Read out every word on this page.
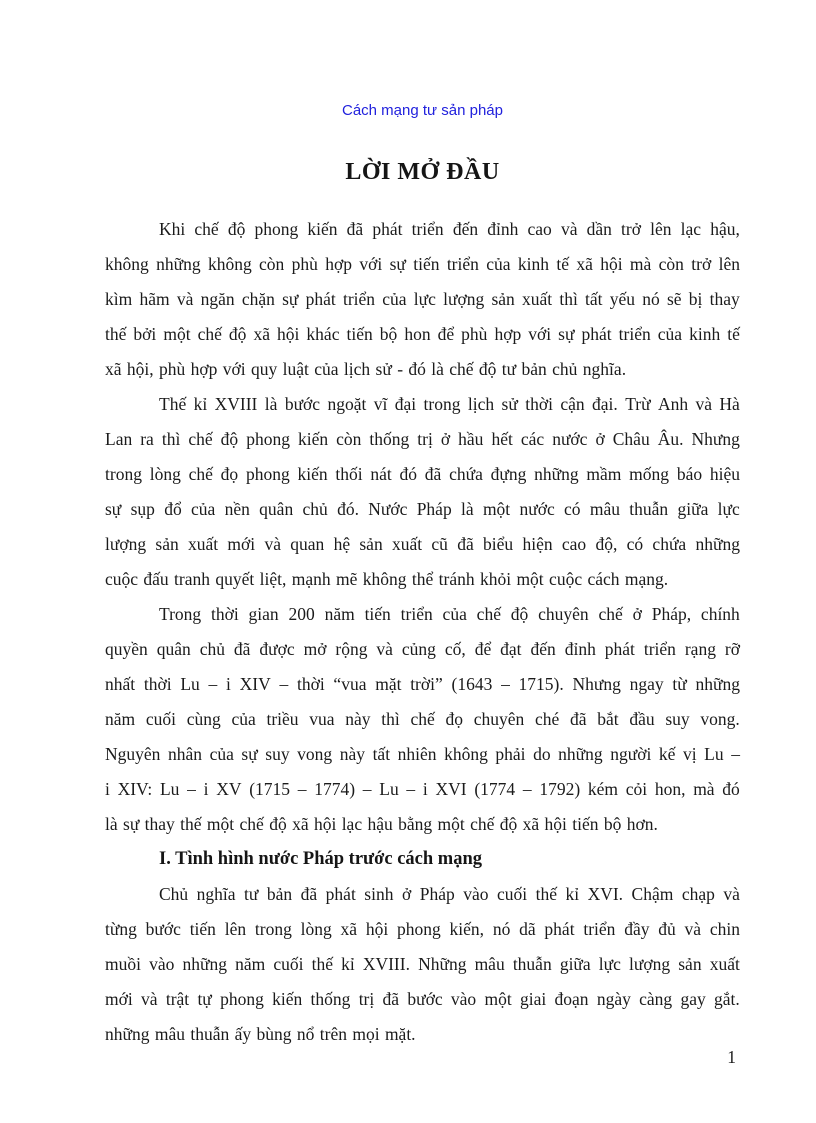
Cách mạng tư sản pháp
LỜI MỞ ĐẦU
Khi chế độ phong kiến đã phát triển đến đỉnh cao và dần trở lên lạc hậu,
không những không còn phù hợp với sự tiến triển của kinh tế xã hội mà còn trở lên
kìm hãm và ngăn chặn sự phát triển của lực lượng sản xuất thì tất yếu nó sẽ bị thay
thế bởi một chế độ xã hội khác tiến bộ hon để phù hợp với sự phát triển của kinh tế
xã hội, phù hợp với quy luật của lịch sử - đó là chế độ tư bản chủ nghĩa.
Thế kỉ XVIII là bước ngoặt vĩ đại trong lịch sử thời cận đại. Trừ Anh và Hà
Lan ra thì chế độ phong kiến còn thống trị ở hầu hết các nước ở Châu Âu. Nhưng
trong lòng chế đọ phong kiến thối nát đó đã chứa đựng những mầm mống báo hiệu
sự sụp đổ của nền quân chủ đó. Nước Pháp là một nước có mâu thuẫn giữa lực
lượng sản xuất mới và quan hệ sản xuất cũ đã biểu hiện cao độ, có chứa những
cuộc đấu tranh quyết liệt, mạnh mẽ không thể tránh khỏi một cuộc cách mạng.
Trong thời gian 200 năm tiến triển của chế độ chuyên chế ở Pháp, chính
quyền quân chủ đã được mở rộng và củng cố, để đạt đến đỉnh phát triển rạng rỡ
nhất thời Lu – i XIV – thời “vua mặt trời” (1643 – 1715). Nhưng ngay từ những
năm cuối cùng của triều vua này thì chế đọ chuyên ché đã bắt đầu suy vong.
Nguyên nhân của sự suy vong này tất nhiên không phải do những người kế vị Lu –
i XIV: Lu – i XV (1715 – 1774) – Lu – i XVI (1774 – 1792) kém cỏi hon, mà đó
là sự thay thế một chế độ xã hội lạc hậu bằng một chế độ xã hội tiến bộ hơn.
I. Tình hình nước Pháp trước cách mạng
Chủ nghĩa tư bản đã phát sinh ở Pháp vào cuối thế kỉ XVI. Chậm chạp và
từng bước tiến lên trong lòng xã hội phong kiến, nó dã phát triển đầy đủ và chin
muồi vào những năm cuối thế kỉ XVIII. Những mâu thuẫn giữa lực lượng sản xuất
mới và trật tự phong kiến thống trị đã bước vào một giai đoạn ngày càng gay gắt.
những mâu thuẫn ấy bùng nổ trên mọi mặt.
1
